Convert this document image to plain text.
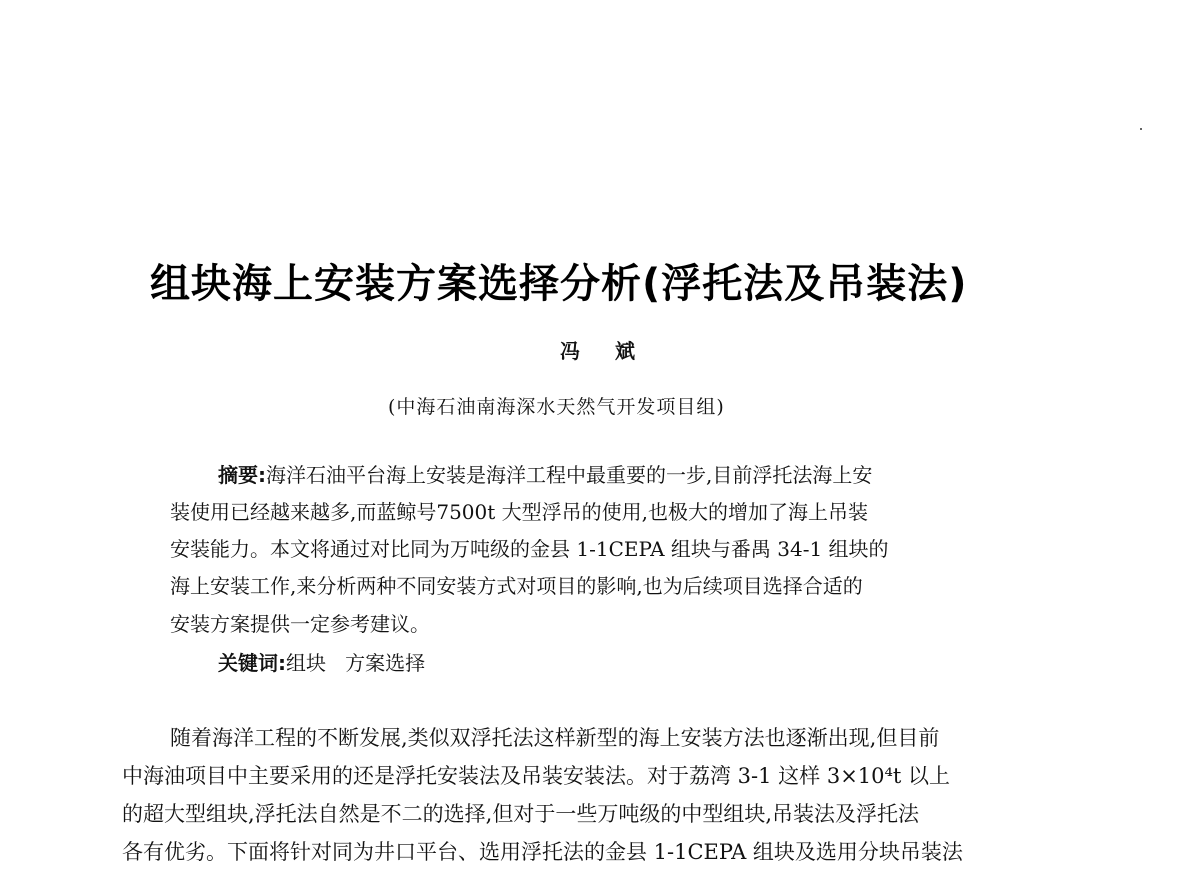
组块海上安装方案选择分析(浮托法及吊装法)
冯 斌
(中海石油南海深水天然气开发项目组)
摘要:海洋石油平台海上安装是海洋工程中最重要的一步,目前浮托法海上安
装使用已经越来越多,而蓝鲸号7500t 大型浮吊的使用,也极大的增加了海上吊装
安装能力。本文将通过对比同为万吨级的金县 1-1CEPA 组块与番禺 34-1 组块的
海上安装工作,来分析两种不同安装方式对项目的影响,也为后续项目选择合适的
安装方案提供一定参考建议。
关键词:组块   方案选择
随着海洋工程的不断发展,类似双浮托法这样新型的海上安装方法也逐渐出现,但目前
中海油项目中主要采用的还是浮托安装法及吊装安装法。对于荔湾 3-1 这样 3×10⁴t 以上
的超大型组块,浮托法自然是不二的选择,但对于一些万吨级的中型组块,吊装法及浮托法
各有优劣。下面将针对同为井口平台、选用浮托法的金县 1-1CEPA 组块及选用分块吊装法
